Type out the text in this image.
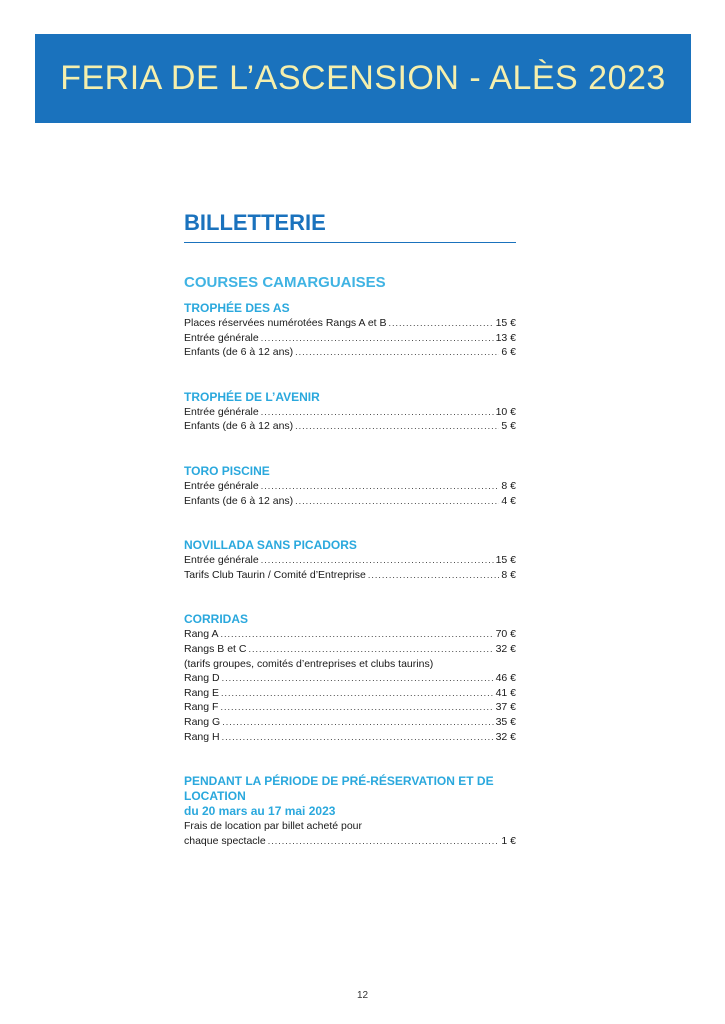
FERIA DE L’ASCENSION - ALÈS 2023
BILLETTERIE
COURSES CAMARGUAISES
TROPHÉE DES AS
Places réservées numérotées Rangs A et B .....	15 €
Entrée générale .....	13 €
Enfants (de 6 à 12 ans) .....	6 €
TROPHÉE DE L’AVENIR
Entrée générale .....	10 €
Enfants (de 6 à 12 ans) .....	5 €
TORO PISCINE
Entrée générale .....	8 €
Enfants (de 6 à 12 ans) .....	4 €
NOVILLADA SANS PICADORS
Entrée générale .....	15 €
Tarifs Club Taurin / Comité d’Entreprise .....	8 €
CORRIDAS
Rang A .....	70 €
Rangs B et C .....	32 €
(tarifs groupes, comités d’entreprises et clubs taurins)
Rang D .....	46 €
Rang E .....	41 €
Rang F .....	37 €
Rang G .....	35 €
Rang H .....	32 €
PENDANT LA PÉRIODE DE PRÉ-RÉSERVATION ET DE LOCATION
du 20 mars au 17 mai 2023
Frais de location par billet acheté pour
chaque spectacle .....	1 €
12
